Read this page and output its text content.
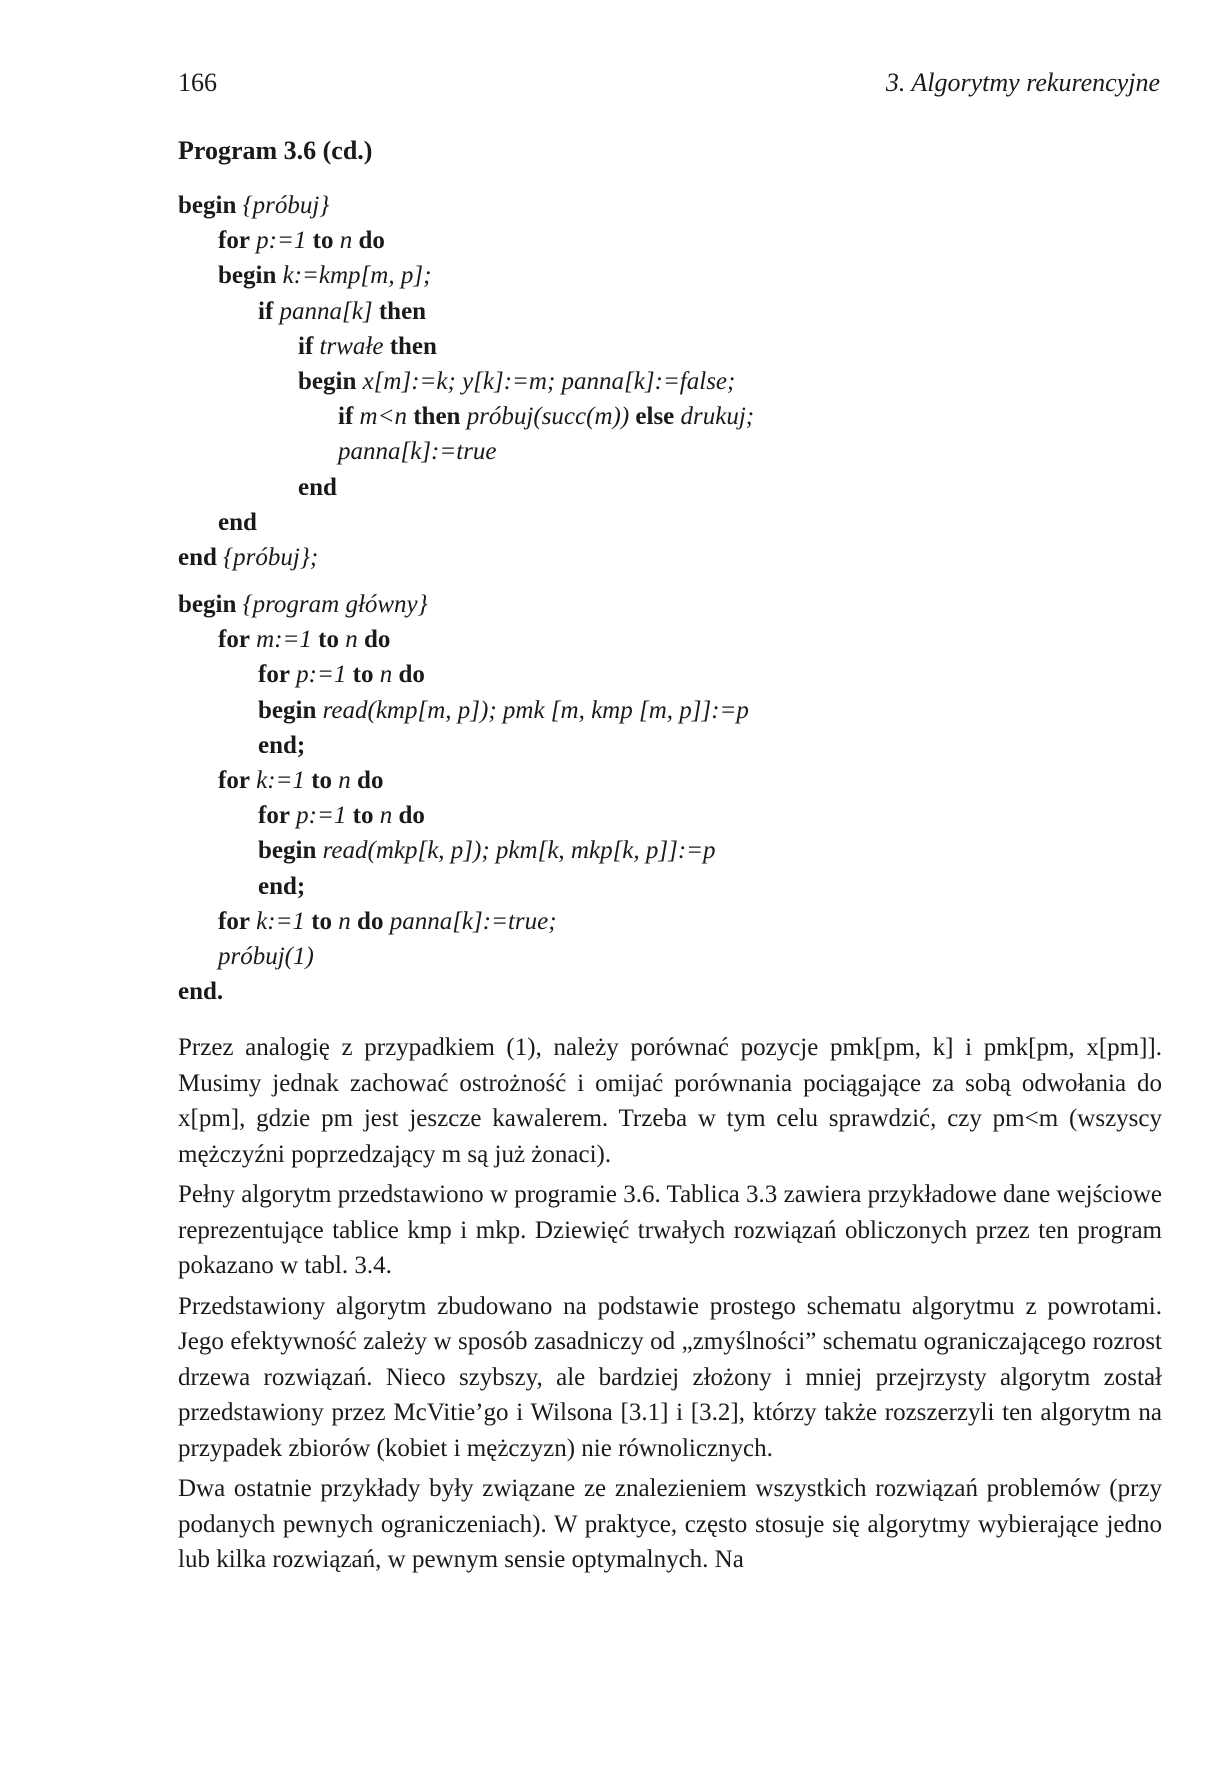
166	3. Algorytmy rekurencyjne
Program 3.6 (cd.)
begin {próbuj}
for p:=1 to n do
begin k:=kmp[m, p];
if panna[k] then
if trwałe then
begin x[m]:=k; y[k]:=m; panna[k]:=false;
if m<n then próbuj(succ(m)) else drukuj;
panna[k]:=true
end
end
end {próbuj};
begin {program główny}
for m:=1 to n do
for p:=1 to n do
begin read(kmp[m, p]); pmk [m, kmp [m, p]]:=p
end;
for k:=1 to n do
for p:=1 to n do
begin read(mkp[k, p]); pkm[k, mkp[k, p]]:=p
end;
for k:=1 to n do panna[k]:=true;
próbuj(1)
end.

Przez analogię z przypadkiem (1), należy porównać pozycje pmk[pm, k] i pmk[pm, x[pm]]. Musimy jednak zachować ostrożność i omijać porównania pociągające za sobą odwołania do x[pm], gdzie pm jest jeszcze kawalerem. Trzeba w tym celu sprawdzić, czy pm<m (wszyscy mężczyźni poprzedzający m są już żonaci).

Pełny algorytm przedstawiono w programie 3.6. Tablica 3.3 zawiera przykładowe dane wejściowe reprezentujące tablice kmp i mkp. Dziewięć trwałych rozwiązań obliczonych przez ten program pokazano w tabl. 3.4.

Przedstawiony algorytm zbudowano na podstawie prostego schematu algorytmu z powrotami. Jego efektywność zależy w sposób zasadniczy od „zmyślności” schematu ograniczającego rozrost drzewa rozwiązań. Nieco szybszy, ale bardziej złożony i mniej przejrzysty algorytm został przedstawiony przez McVitie’go i Wilsona [3.1] i [3.2], którzy także rozszerzyli ten algorytm na przypadek zbiorów (kobiet i mężczyzn) nie równolicznych.

Dwa ostatnie przykłady były związane ze znalezieniem wszystkich rozwiązań problemów (przy podanych pewnych ograniczeniach). W praktyce, często stosuje się algorytmy wybierające jedno lub kilka rozwiązań, w pewnym sensie optymalnych. Na
